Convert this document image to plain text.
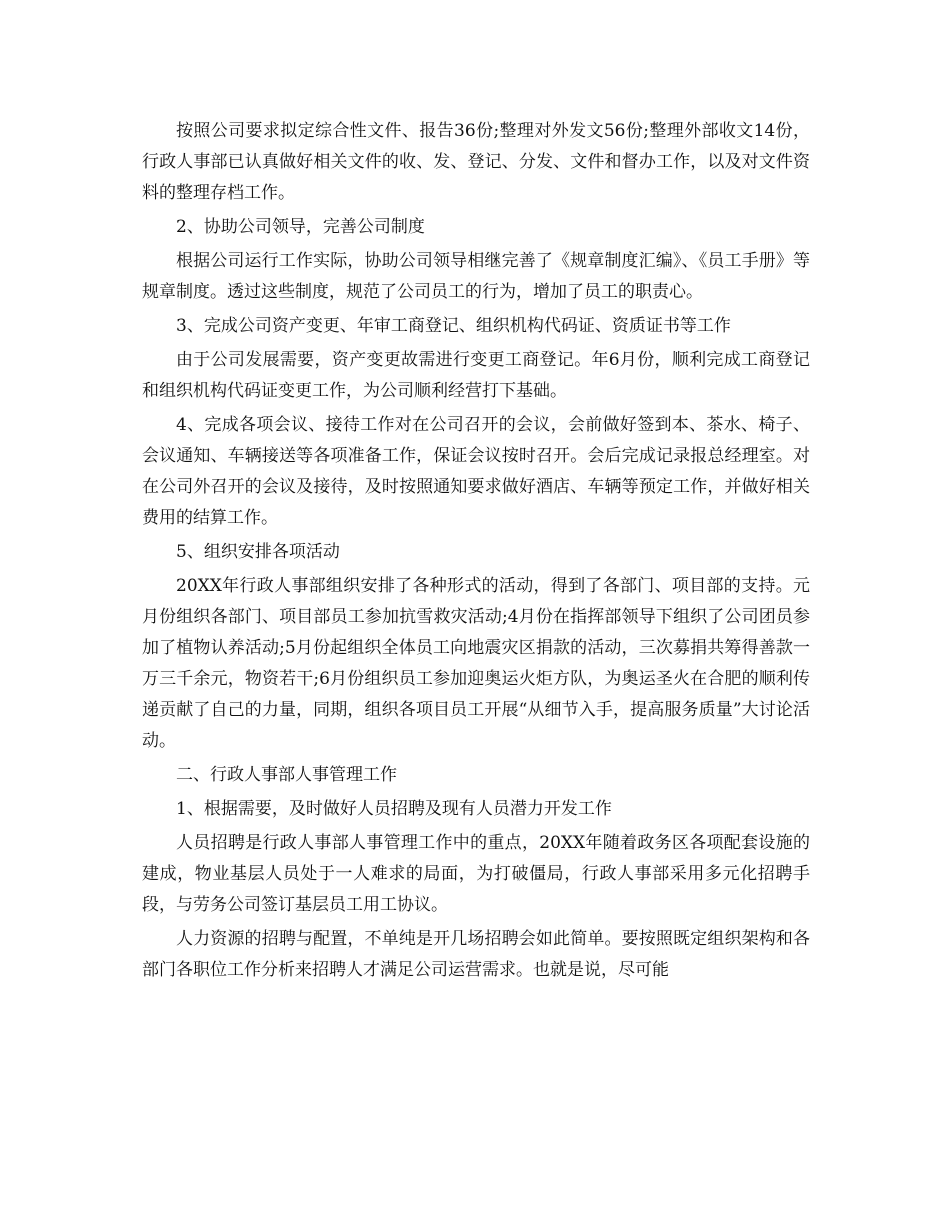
按照公司要求拟定综合性文件、报告36份;整理对外发文56份;整理外部收文14份，行政人事部已认真做好相关文件的收、发、登记、分发、文件和督办工作，以及对文件资料的整理存档工作。

2、协助公司领导，完善公司制度

根据公司运行工作实际，协助公司领导相继完善了《规章制度汇编》、《员工手册》等规章制度。透过这些制度，规范了公司员工的行为，增加了员工的职责心。

3、完成公司资产变更、年审工商登记、组织机构代码证、资质证书等工作

由于公司发展需要，资产变更故需进行变更工商登记。年6月份，顺利完成工商登记和组织机构代码证变更工作，为公司顺利经营打下基础。

4、完成各项会议、接待工作对在公司召开的会议，会前做好签到本、茶水、椅子、会议通知、车辆接送等各项准备工作，保证会议按时召开。会后完成记录报总经理室。对在公司外召开的会议及接待，及时按照通知要求做好酒店、车辆等预定工作，并做好相关费用的结算工作。

5、组织安排各项活动

20XX年行政人事部组织安排了各种形式的活动，得到了各部门、项目部的支持。元月份组织各部门、项目部员工参加抗雪救灾活动;4月份在指挥部领导下组织了公司团员参加了植物认养活动;5月份起组织全体员工向地震灾区捐款的活动，三次募捐共筹得善款一万三千余元，物资若干;6月份组织员工参加迎奥运火炬方队，为奥运圣火在合肥的顺利传递贡献了自己的力量，同期，组织各项目员工开展“从细节入手，提高服务质量”大讨论活动。

二、行政人事部人事管理工作

1、根据需要，及时做好人员招聘及现有人员潜力开发工作

人员招聘是行政人事部人事管理工作中的重点，20XX年随着政务区各项配套设施的建成，物业基层人员处于一人难求的局面，为打破僵局，行政人事部采用多元化招聘手段，与劳务公司签订基层员工用工协议。

人力资源的招聘与配置，不单纯是开几场招聘会如此简单。要按照既定组织架构和各部门各职位工作分析来招聘人才满足公司运营需求。也就是说，尽可能
